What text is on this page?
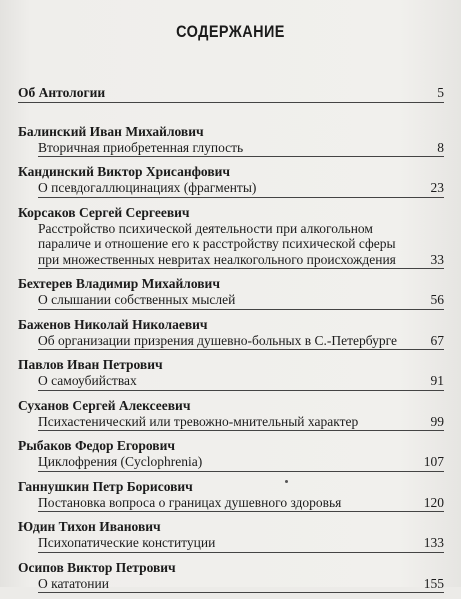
СОДЕРЖАНИЕ
Об Антологии	5
Балинский Иван Михайлович
Вторичная приобретенная глупость	8
Кандинский Виктор Хрисанфович
О псевдогаллюцинациях (фрагменты)	23
Корсаков Сергей Сергеевич
Расстройство психической деятельности при алкогольном параличе и отношение его к расстройству психической сферы при множественных невритах неалкогольного происхождения	33
Бехтерев Владимир Михайлович
О слышании собственных мыслей	56
Баженов Николай Николаевич
Об организации призрения душевно-больных в С.-Петербурге	67
Павлов Иван Петрович
О самоубийствах	91
Суханов Сергей Алексеевич
Психастенический или тревожно-мнительный характер	99
Рыбаков Федор Егорович
Циклофрения (Cyclophrenia)	107
Ганнушкин Петр Борисович
Постановка вопроса о границах душевного здоровья	120
Юдин Тихон Иванович
Психопатические конституции	133
Осипов Виктор Петрович
О кататонии	155
